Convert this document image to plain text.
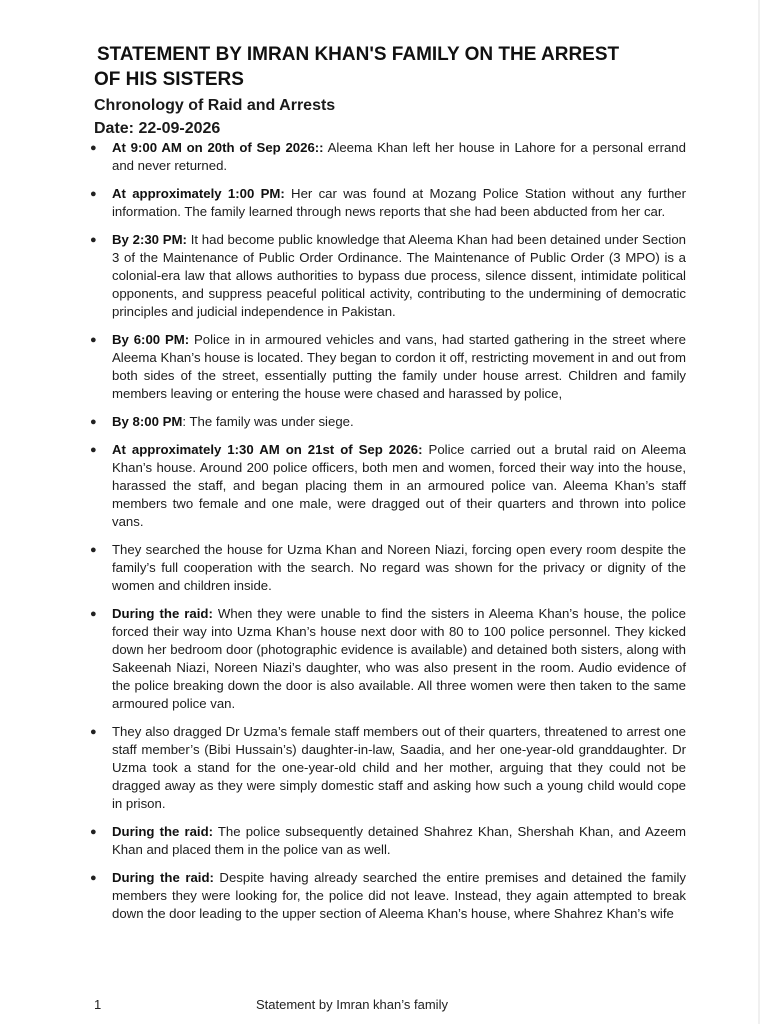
STATEMENT BY IMRAN KHAN'S FAMILY ON THE ARREST
OF HIS SISTERS
Chronology of Raid and Arrests
Date: 22-09-2026
● At 9:00 AM on 20th of Sep 2026:: Aleema Khan left her house in Lahore for a personal errand and never returned.
● At approximately 1:00 PM: Her car was found at Mozang Police Station without any further information. The family learned through news reports that she had been abducted from her car.
● By 2:30 PM: It had become public knowledge that Aleema Khan had been detained under Section 3 of the Maintenance of Public Order Ordinance. The Maintenance of Public Order (3 MPO) is a colonial-era law that allows authorities to bypass due process, silence dissent, intimidate political opponents, and suppress peaceful political activity, contributing to the undermining of democratic principles and judicial independence in Pakistan.
● By 6:00 PM: Police in in armoured vehicles and vans, had started gathering in the street where Aleema Khan’s house is located. They began to cordon it off, restricting movement in and out from both sides of the street, essentially putting the family under house arrest. Children and family members leaving or entering the house were chased and harassed by police,
● By 8:00 PM: The family was under siege.
● At approximately 1:30 AM on 21st of Sep 2026: Police carried out a brutal raid on Aleema Khan’s house. Around 200 police officers, both men and women, forced their way into the house, harassed the staff, and began placing them in an armoured police van. Aleema Khan’s staff members two female and one male, were dragged out of their quarters and thrown into police vans.
● They searched the house for Uzma Khan and Noreen Niazi, forcing open every room despite the family’s full cooperation with the search. No regard was shown for the privacy or dignity of the women and children inside.
● During the raid: When they were unable to find the sisters in Aleema Khan’s house, the police forced their way into Uzma Khan’s house next door with 80 to 100 police personnel. They kicked down her bedroom door (photographic evidence is available) and detained both sisters, along with Sakeenah Niazi, Noreen Niazi’s daughter, who was also present in the room. Audio evidence of the police breaking down the door is also available. All three women were then taken to the same armoured police van.
● They also dragged Dr Uzma’s female staff members out of their quarters, threatened to arrest one staff member’s (Bibi Hussain’s) daughter-in-law, Saadia, and her one-year-old granddaughter. Dr Uzma took a stand for the one-year-old child and her mother, arguing that they could not be dragged away as they were simply domestic staff and asking how such a young child would cope in prison.
● During the raid: The police subsequently detained Shahrez Khan, Shershah Khan, and Azeem Khan and placed them in the police van as well.
● During the raid: Despite having already searched the entire premises and detained the family members they were looking for, the police did not leave. Instead, they again attempted to break down the door leading to the upper section of Aleema Khan’s house, where Shahrez Khan’s wife
1	Statement by Imran khan’s family
